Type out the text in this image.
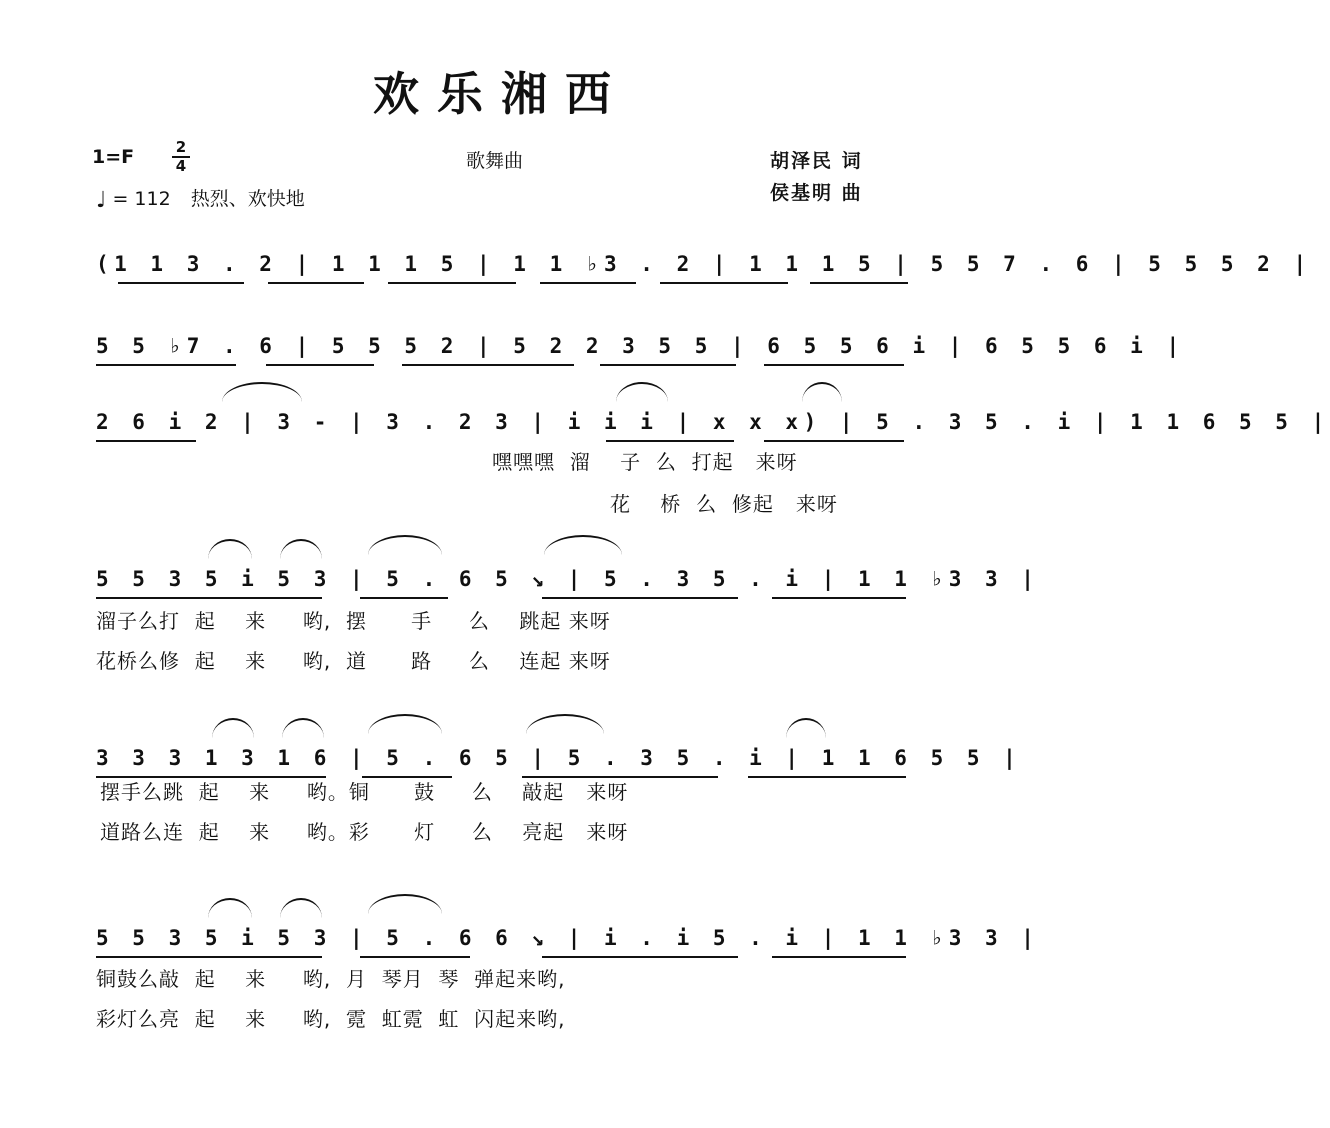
欢乐湘西
1=F	2
4
♩ = 112 热烈、欢快地
歌舞曲	胡泽民 词
侯基明 曲
(1 1 3 . 2 | 1 1 1 5 | 1 1 ♭3 . 2 | 1 1 1 5 | 5 5 7 . 6 | 5 5 5 2 |
5 5 ♭7 . 6 | 5 5 5 2 | 5 2 2 3 5 5 | 6 5 5 6 i | 6 5 5 6 i |
2 6 i 2 | 3 - | 3 . 2 3 | i i i | x x x) | 5 . 3 5 . i | 1 1 6 5 5 |
嘿嘿嘿  溜    子  么  打起   来呀
花    桥  么  修起   来呀
5 5 3 5 i 5 3 | 5 . 6 5 ↘ | 5 . 3 5 . i | 1 1 ♭3 3 |
溜子么打  起    来     哟,  摆      手     么    跳起 来呀
花桥么修  起    来     哟,  道      路     么    连起 来呀
3 3 3 1 3 1 6 | 5 . 6 5 | 5 . 3 5 . i | 1 1 6 5 5 |
摆手么跳  起    来     哟。铜      鼓     么    敲起   来呀
道路么连  起    来     哟。彩      灯     么    亮起   来呀
5 5 3 5 i 5 3 | 5 . 6 6 ↘ | i . i 5 . i | 1 1 ♭3 3 |
铜鼓么敲  起    来     哟,  月  琴月  琴  弹起来哟,
彩灯么亮  起    来     哟,  霓  虹霓  虹  闪起来哟,
